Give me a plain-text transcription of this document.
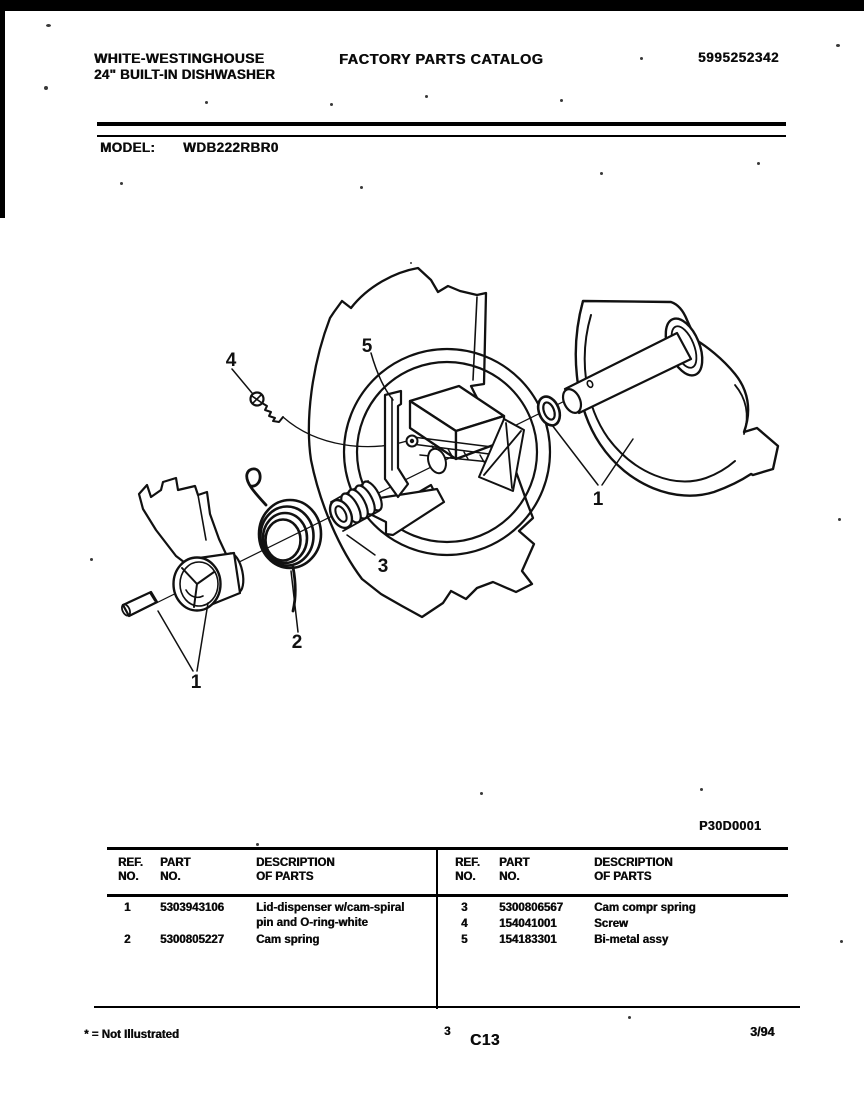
WHITE-WESTINGHOUSE
24" BUILT-IN DISHWASHER
FACTORY PARTS CATALOG	5995252342
MODEL: WDB222RBR0
4
5
3
2
1
1
P30D0001
REF.
NO.
PART
NO.
DESCRIPTION
OF PARTS
REF.
NO.
PART
NO.
DESCRIPTION
OF PARTS
1	5303943106	Lid-dispenser w/cam-spiral
pin and O-ring-white
2	5300805227	Cam spring
3	5300806567	Cam compr spring
4	154041001	Screw
5	154183301	Bi-metal assy
* = Not Illustrated	3 C13	3/94
